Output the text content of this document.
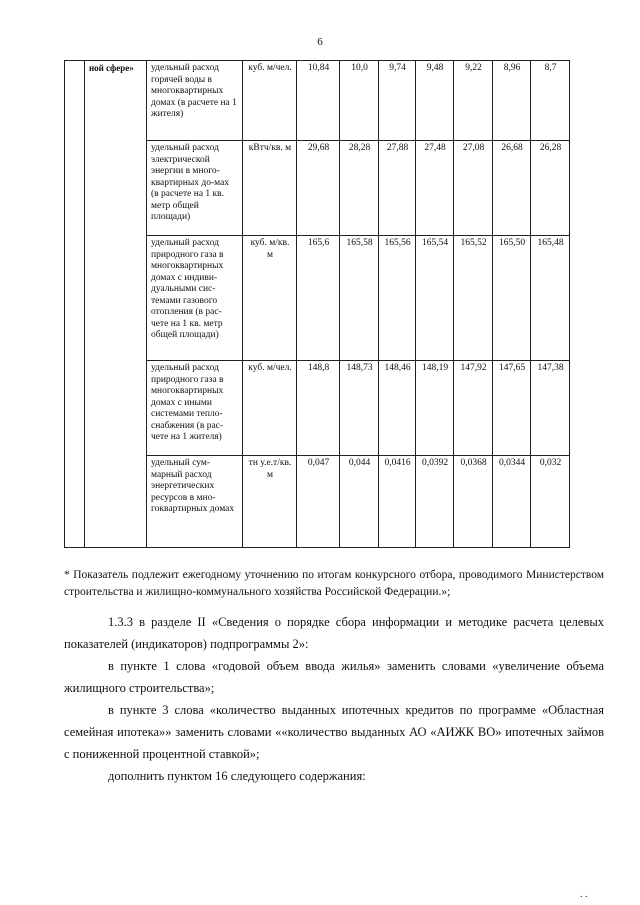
6
	ной сфере»	удельный расход горячей воды в многоквартирных домах (в расчете на 1 жителя)	куб. м/чел.	10,84	10,0	9,74	9,48	9,22	8,96	8,7
		удельный расход электрической энергии в много-квартирных до-мах (в расчете на 1 кв. метр общей площади)	кВтч/кв. м	29,68	28,28	27,88	27,48	27,08	26,68	26,28
		удельный расход природного газа в многоквартирных домах с индиви-дуальными сис-темами газового отопления (в рас-чете на 1 кв. метр общей площади)	куб. м/кв. м	165,6	165,58	165,56	165,54	165,52	165,50	165,48
		удельный расход природного газа в многоквартирных домах с иными системами тепло-снабжения (в рас-чете на 1 жителя)	куб. м/чел.	148,8	148,73	148,46	148,19	147,92	147,65	147,38
		удельный сум-марный расход энергетических ресурсов в мно-гоквартирных домах	тн у.е.т/кв. м	0,047	0,044	0,0416	0,0392	0,0368	0,0344	0,032
* Показатель подлежит ежегодному уточнению по итогам конкурсного отбора, проводимого Министерством строительства и жилищно-коммунального хозяйства Российской Федерации.»;

1.3.3 в разделе II «Сведения о порядке сбора информации и методике расчета целевых показателей (индикаторов) подпрограммы 2»:

в пункте 1 слова «годовой объем ввода жилья» заменить словами «увеличение объема жилищного строительства»;

в пункте 3 слова «количество выданных ипотечных кредитов по программе «Областная семейная ипотека»» заменить словами ««количество выданных АО «АИЖК ВО» ипотечных займов с пониженной процентной ставкой»;

дополнить пунктом 16 следующего содержания:

. .
